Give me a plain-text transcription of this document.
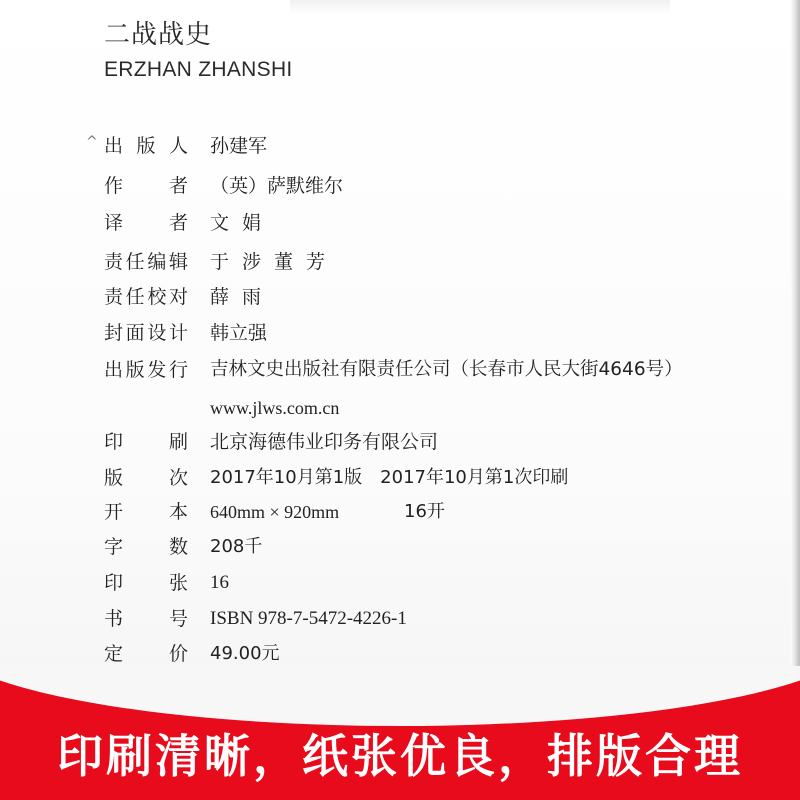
二战战史
ERZHAN ZHANSHI
^ 出版人 孙建军
作者 （英）萨默维尔
译者 文娟
责任编辑 于涉董芳
责任校对 薛雨
封面设计 韩立强
出版发行 吉林文史出版社有限责任公司（长春市人民大街4646号）
www.jlws.com.cn
印刷 北京海德伟业印务有限公司
版次 2017年10月第1版　2017年10月第1次印刷
开本 640mm × 920mm	16开
字数 208千
印张 16
书号 ISBN 978-7-5472-4226-1
定价 49.00元
印刷清晰，纸张优良，排版合理
